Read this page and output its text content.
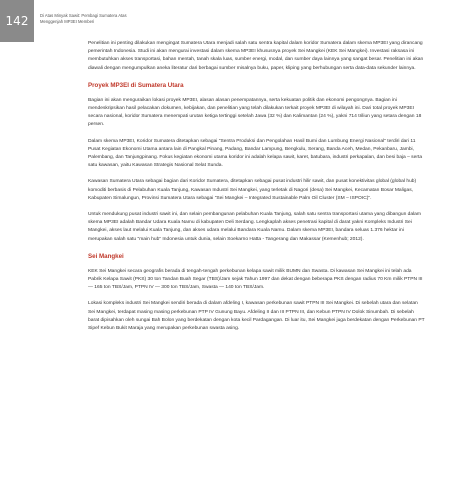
142	Di Atas Minyak Sawit: Pembagi Sumatera Atas
Menggenjah MP3EI Memberi

Penelitian ini penting dilakukan mengingat Sumatera Utara menjadi salah satu sentra kapital dalam koridor Sumatera dalam skema MP3EI yang dirancang pemerintah Indonesia. Studi ini akan mengurai investasi dalam skema MP3EI khususnya proyek Sei Mangkei (KEK Sei Mangkei). Investasi raksasa ini membutuhkan akses transportasi, bahan mentah, tanah skala luas, sumber energi, modal, dan sumber daya lainnya yang sangat besar. Penelitian ini akan diawali dengan mengumpulkan aneka literatur dari berbagai sumber misalnya buku, paper, kliping yang berhubungan serta data-data sekunder lainnya.

Proyek MP3EI di Sumatera Utara

Bagian ini akan menguraikan lokasi proyek MP3EI, alasan alasan penempatannya, serta kekuatan politik dan ekonomi pengongnya. Bagian ini mendeskripsikan hasil pelacakan dokumen, kebijakan, dan penelitian yang telah dilakukan terkait proyek MP3EI di wilayah ini. Dari total proyek MP3EI secara nasional, koridor Sumatera menempati urutan ketiga tertinggi setelah Jawa (32 %) dan Kalimantan (24 %), yakni 714 triliun yang setara dengan 18 persen.

Dalam skema MP3EI, Koridor Sumatera ditetapkan sebagai "Sentra Produksi dan Pengolahan Hasil Bumi dan Lumbung Energi Nasional" terdiri dari 11 Pusat Kegiatan Ekonomi Utama antara lain di Pangkal Pinang, Padang, Bandar Lampung, Bengkulu, Serang, Banda Aceh, Medan, Pekanbaru, Jambi, Palembang, dan Tanjungpinang. Fokus kegiatan ekonomi utama koridor ini adalah kelapa sawit, karet, batubara, industri perkapalan, dan besi baja – serta satu kawasan, yaitu Kawasan Strategis Nasional Selat Sunda.

Kawasan Sumatera Utara sebagai bagian dari Koridor Sumatera, ditetapkan sebagai pusat industri hilir sawit, dan pusat konektivitas global (global hub) komoditi berbasis di Pelabuhan Kuala Tanjung, Kawasan Industri Sei Mangkei, yang terletak di Nagori (desa) Sei Mangkei, Kecamatan Bosar Maligas, Kabupaten Simalungun, Provinsi Sumatera Utara sebagai "Sei Mangkei – Integrated Sustainable Palm Oil Cluster (SM – ISPOIC)".

Untuk mendukung pusat industri sawit ini, dan selain pembangunan pelabuhan Kuala Tanjung, salah satu sentra transportasi utama yang dibangun dalam skema MP3EI adalah Bandar Udara Kuala Namu di kabupaten Deli Serdang. Lengkaplah akses penetrasi kapital di darat yakni Kompleks Industri Sei Mangkei, akses laut melalui Kuala Tanjung, dan akses udara melalui Bandara Kuala Namu. Dalam skema MP3EI, bandara seluas 1.376 hektar ini merupakan salah satu "main hub" Indonesia untuk dunia, selain Soekarno Hatta - Tangerang dan Makassar (Kemenhub; 2012).

Sei Mangkei

KEK Sei Mangkei secara geografis berada di tengah-tengah perkebunan kelapa sawit milik BUMN dan Swasta. Di kawasan Sei Mangkei ini telah ada Pabrik Kelapa Sawit (PKS) 30 ton Tandan Buah Segar (TBS)/Jam sejak Tahun 1997 dan dekat dengan beberapa PKS dengan radius 70 Km milik PTPN III — 165 ton TBS/Jam, PTPN IV — 300 ton TBS/Jam, Swasta — 140 ton TBS/Jam.

Lokasi kompleks industri Sei Mangkei sendiri berada di dalam afdeling I, kawasan perkebunan sawit PTPN III Sei Mangkei. Di sebelah utara dan selatan Sei Mangkei, terdapat masing masing perkebunan PTP IV Gunung Bayu. Afdeling II dan III PTPN III, dan Kebun PTPN IV Dolok Sinumbah. Di sebelah barat dipisahkan oleh sungai Bah Bolon yang berdekatan dengan kota kecil Pardagangan. Di luar itu, Sei Mangkei juga berdekatan dengan Perkebunan PT Sipef Kebun Bukit Maraja yang merupakan perkebunan swasta asing.
